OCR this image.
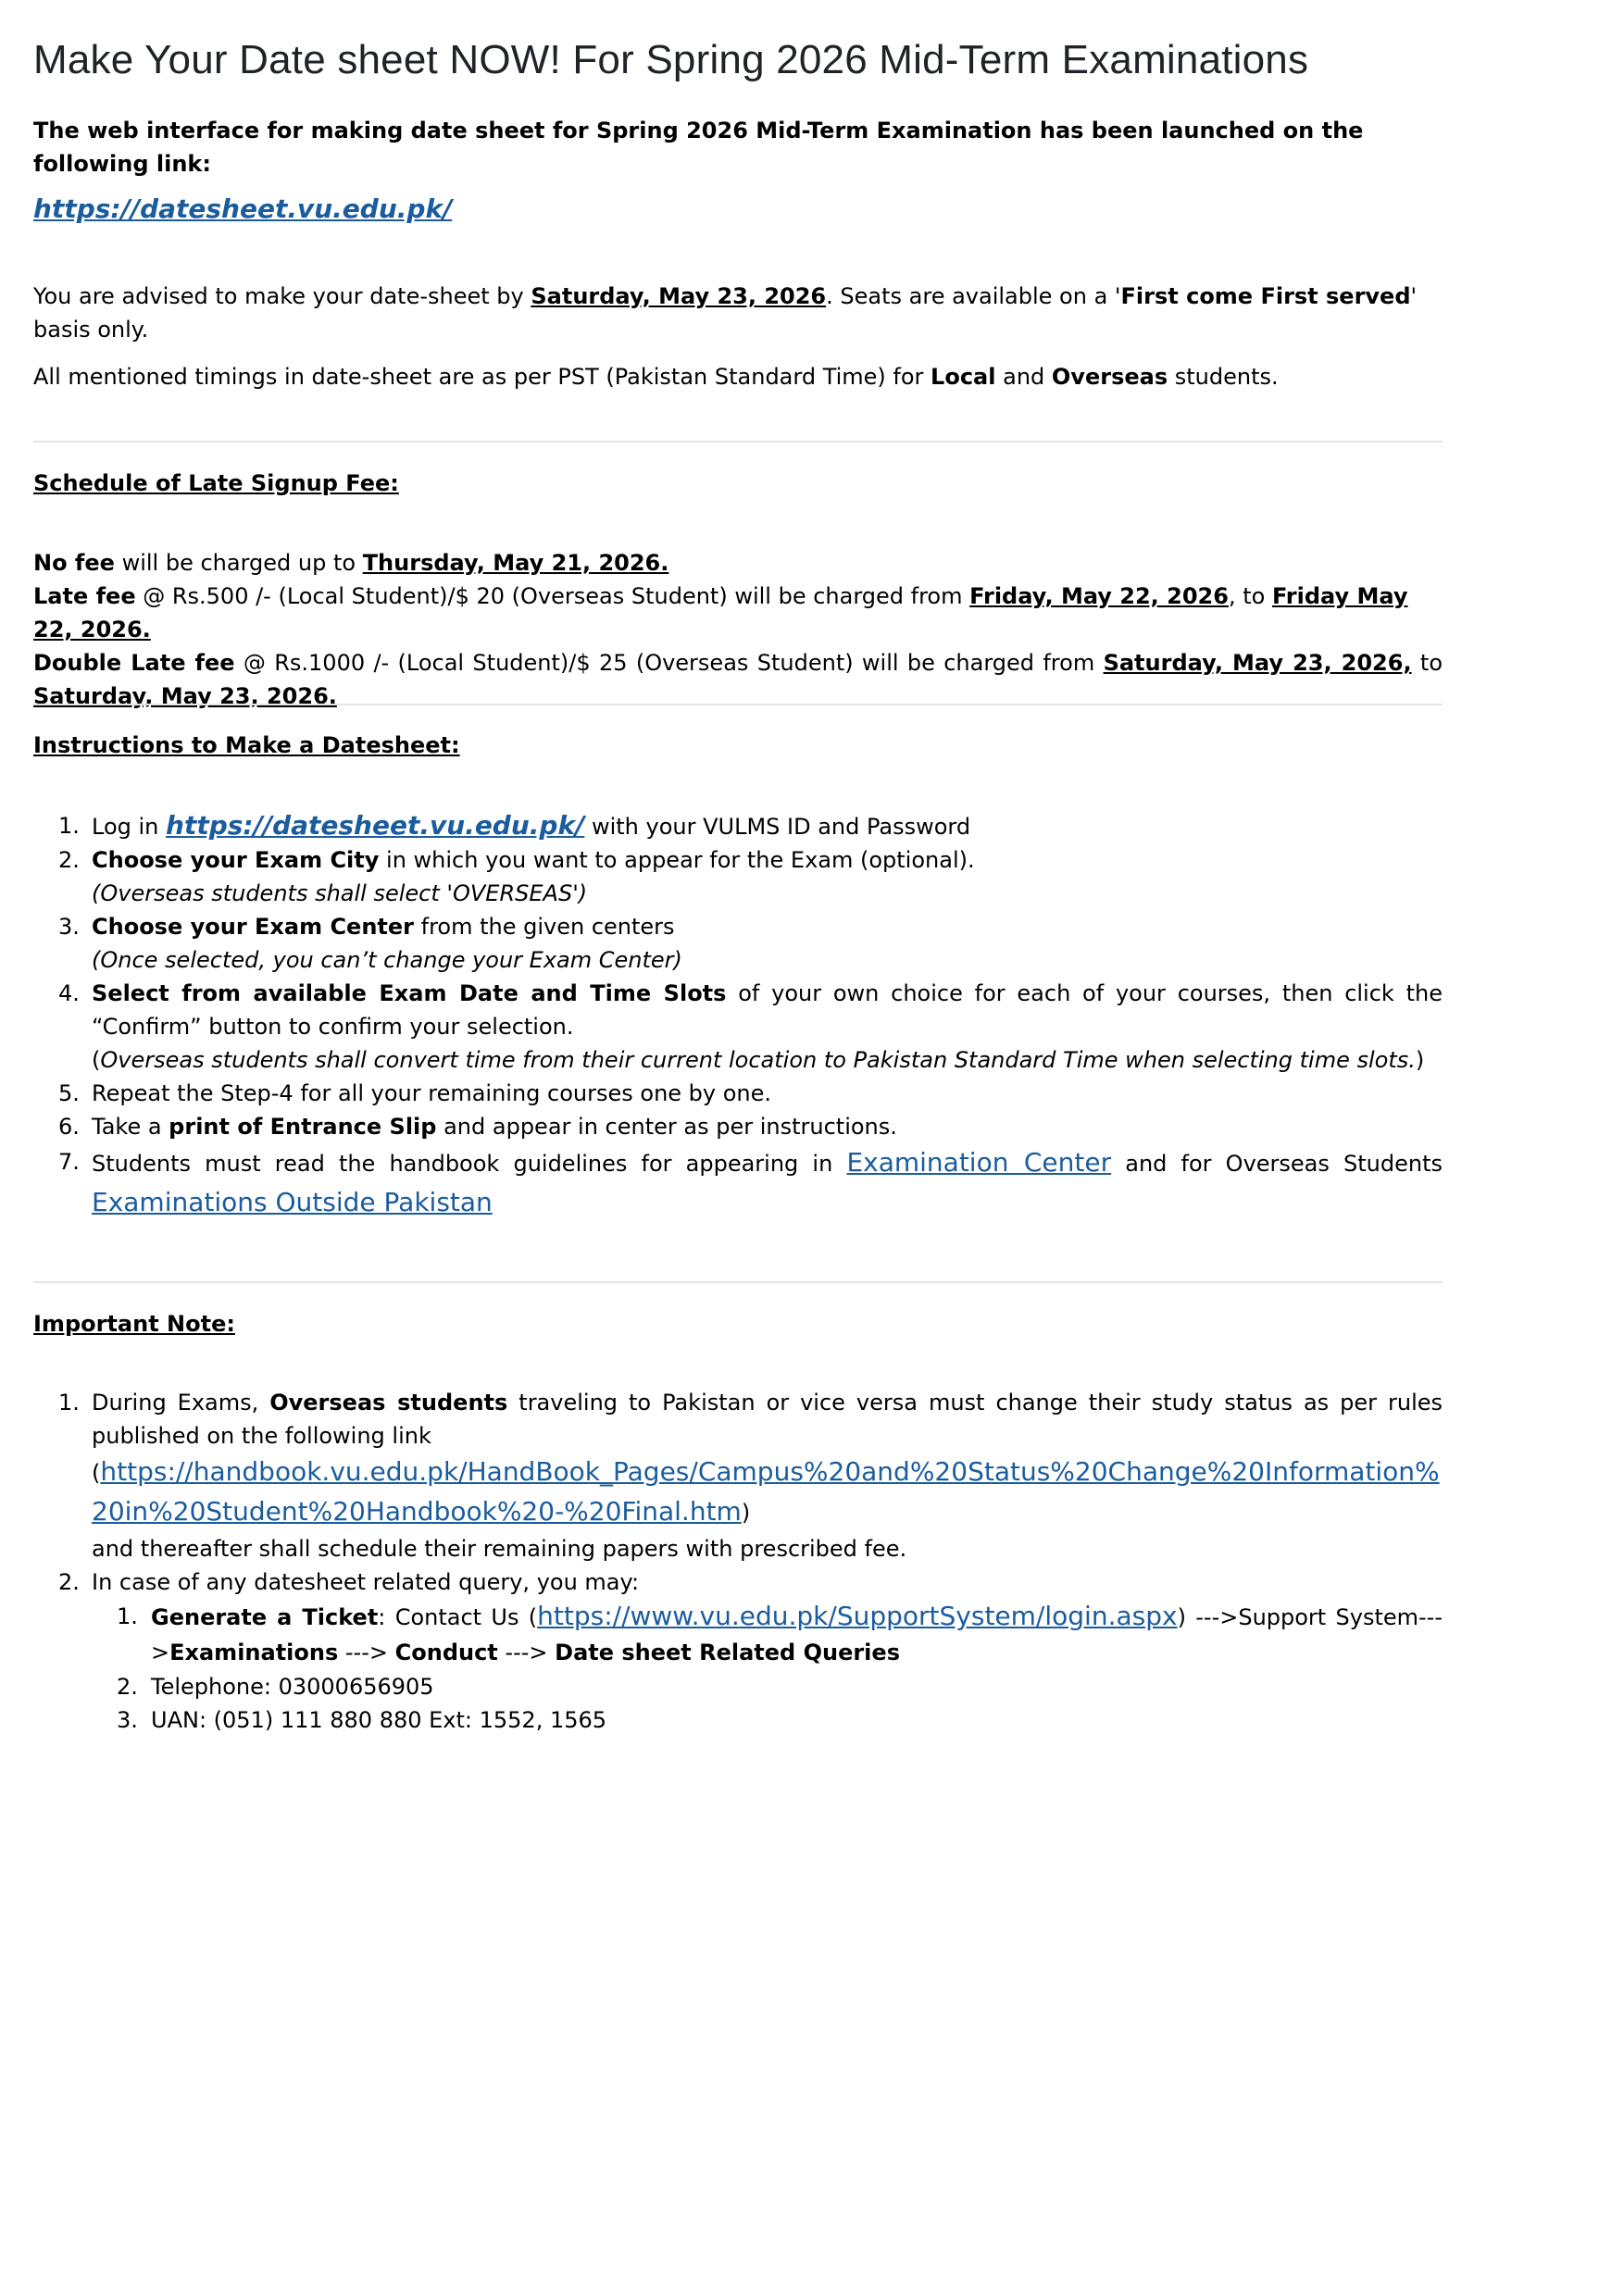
Make Your Date sheet NOW! For Spring 2026 Mid-Term Examinations

The web interface for making date sheet for Spring 2026 Mid-Term Examination has been launched on the following link:

https://datesheet.vu.edu.pk/

You are advised to make your date-sheet by Saturday, May 23, 2026. Seats are available on a 'First come First served' basis only.

All mentioned timings in date-sheet are as per PST (Pakistan Standard Time) for Local and Overseas students.

Schedule of Late Signup Fee:

No fee will be charged up to Thursday, May 21, 2026.
Late fee @ Rs.500 /- (Local Student)/$ 20 (Overseas Student) will be charged from Friday, May 22, 2026, to Friday May 22, 2026.
Double Late fee @ Rs.1000 /- (Local Student)/$ 25 (Overseas Student) will be charged from Saturday, May 23, 2026, to Saturday, May 23, 2026.

Instructions to Make a Datesheet:

1. Log in https://datesheet.vu.edu.pk/ with your VULMS ID and Password
2. Choose your Exam City in which you want to appear for the Exam (optional).
(Overseas students shall select 'OVERSEAS')
3. Choose your Exam Center from the given centers
(Once selected, you can’t change your Exam Center)
4. Select from available Exam Date and Time Slots of your own choice for each of your courses, then click the “Confirm” button to confirm your selection.
(Overseas students shall convert time from their current location to Pakistan Standard Time when selecting time slots.)
5. Repeat the Step-4 for all your remaining courses one by one.
6. Take a print of Entrance Slip and appear in center as per instructions.
7. Students must read the handbook guidelines for appearing in Examination Center and for Overseas Students Examinations Outside Pakistan

Important Note:

1. During Exams, Overseas students traveling to Pakistan or vice versa must change their study status as per rules published on the following link
(https://handbook.vu.edu.pk/HandBook_Pages/Campus%20and%20Status%20Change%20Information%20in%20Student%20Handbook%20-%20Final.htm)
and thereafter shall schedule their remaining papers with prescribed fee.
2. In case of any datesheet related query, you may:
1. Generate a Ticket: Contact Us (https://www.vu.edu.pk/SupportSystem/login.aspx) --->Support System--->Examinations ---> Conduct ---> Date sheet Related Queries
2. Telephone: 03000656905
3. UAN: (051) 111 880 880 Ext: 1552, 1565
